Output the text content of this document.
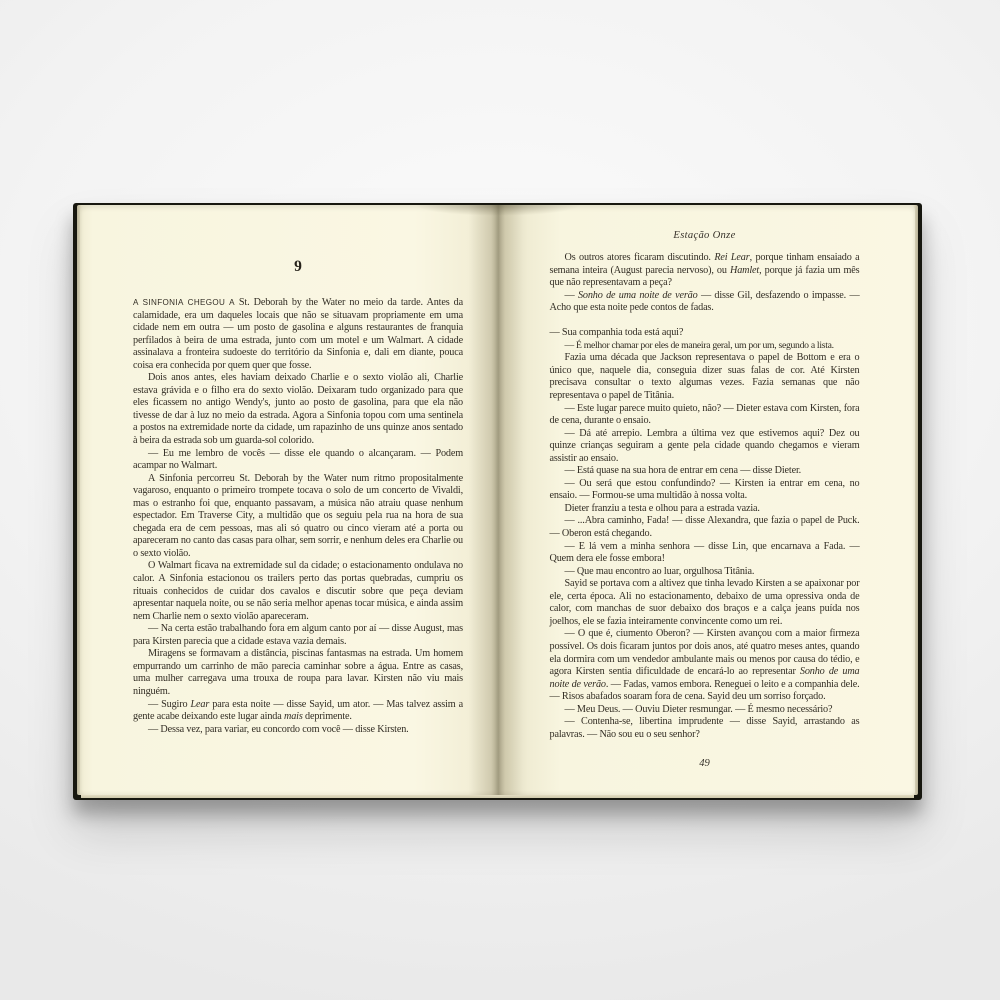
9

A SINFONIA CHEGOU A St. Deborah by the Water no meio da tarde. Antes da calamidade, era um daqueles locais que não se situavam propriamente em uma cidade nem em outra — um posto de gasolina e alguns restaurantes de franquia perfilados à beira de uma estrada, junto com um motel e um Walmart. A cidade assinalava a fronteira sudoeste do território da Sinfonia e, dali em diante, pouca coisa era conhecida por quem quer que fosse.

Dois anos antes, eles haviam deixado Charlie e o sexto violão ali, Charlie estava grávida e o filho era do sexto violão. Deixaram tudo organizado para que eles ficassem no antigo Wendy's, junto ao posto de gasolina, para que ela não tivesse de dar à luz no meio da estrada. Agora a Sinfonia topou com uma sentinela a postos na extremidade norte da cidade, um rapazinho de uns quinze anos sentado à beira da estrada sob um guarda-sol colorido.

— Eu me lembro de vocês — disse ele quando o alcançaram. — Podem acampar no Walmart.

A Sinfonia percorreu St. Deborah by the Water num ritmo propositalmente vagaroso, enquanto o primeiro trompete tocava o solo de um concerto de Vivaldi, mas o estranho foi que, enquanto passavam, a música não atraiu quase nenhum espectador. Em Traverse City, a multidão que os seguiu pela rua na hora de sua chegada era de cem pessoas, mas ali só quatro ou cinco vieram até a porta ou apareceram no canto das casas para olhar, sem sorrir, e nenhum deles era Charlie ou o sexto violão.

O Walmart ficava na extremidade sul da cidade; o estacionamento ondulava no calor. A Sinfonia estacionou os trailers perto das portas quebradas, cumpriu os rituais conhecidos de cuidar dos cavalos e discutir sobre que peça deviam apresentar naquela noite, ou se não seria melhor apenas tocar música, e ainda assim nem Charlie nem o sexto violão apareceram.

— Na certa estão trabalhando fora em algum canto por aí — disse August, mas para Kirsten parecia que a cidade estava vazia demais.

Miragens se formavam a distância, piscinas fantasmas na estrada. Um homem empurrando um carrinho de mão parecia caminhar sobre a água. Entre as casas, uma mulher carregava uma trouxa de roupa para lavar. Kirsten não viu mais ninguém.

— Sugiro Lear para esta noite — disse Sayid, um ator. — Mas talvez assim a gente acabe deixando este lugar ainda mais deprimente.

— Dessa vez, para variar, eu concordo com você — disse Kirsten.

Estação Onze

Os outros atores ficaram discutindo. Rei Lear, porque tinham ensaiado a semana inteira (August parecia nervoso), ou Hamlet, porque já fazia um mês que não representavam a peça?

— Sonho de uma noite de verão — disse Gil, desfazendo o impasse. — Acho que esta noite pede contos de fadas.

— Sua companhia toda está aqui?

— É melhor chamar por eles de maneira geral, um por um, segundo a lista.

Fazia uma década que Jackson representava o papel de Bottom e era o único que, naquele dia, conseguia dizer suas falas de cor. Até Kirsten precisava consultar o texto algumas vezes. Fazia semanas que não representava o papel de Titânia.

— Este lugar parece muito quieto, não? — Dieter estava com Kirsten, fora de cena, durante o ensaio.

— Dá até arrepio. Lembra a última vez que estivemos aqui? Dez ou quinze crianças seguiram a gente pela cidade quando chegamos e vieram assistir ao ensaio.

— Está quase na sua hora de entrar em cena — disse Dieter.

— Ou será que estou confundindo? — Kirsten ia entrar em cena, no ensaio. — Formou-se uma multidão à nossa volta.

Dieter franziu a testa e olhou para a estrada vazia.

— ...Abra caminho, Fada! — disse Alexandra, que fazia o papel de Puck. — Oberon está chegando.

— E lá vem a minha senhora — disse Lin, que encarnava a Fada. — Quem dera ele fosse embora!

— Que mau encontro ao luar, orgulhosa Titânia.

Sayid se portava com a altivez que tinha levado Kirsten a se apaixonar por ele, certa época. Ali no estacionamento, debaixo de uma opressiva onda de calor, com manchas de suor debaixo dos braços e a calça jeans puída nos joelhos, ele se fazia inteiramente convincente como um rei.

— O que é, ciumento Oberon? — Kirsten avançou com a maior firmeza possível. Os dois ficaram juntos por dois anos, até quatro meses antes, quando ela dormira com um vendedor ambulante mais ou menos por causa do tédio, e agora Kirsten sentia dificuldade de encará-lo ao representar Sonho de uma noite de verão. — Fadas, vamos embora. Reneguei o leito e a companhia dele. — Risos abafados soaram fora de cena. Sayid deu um sorriso forçado.

— Meu Deus. — Ouviu Dieter resmungar. — É mesmo necessário?

— Contenha-se, libertina imprudente — disse Sayid, arrastando as palavras. — Não sou eu o seu senhor?

49
